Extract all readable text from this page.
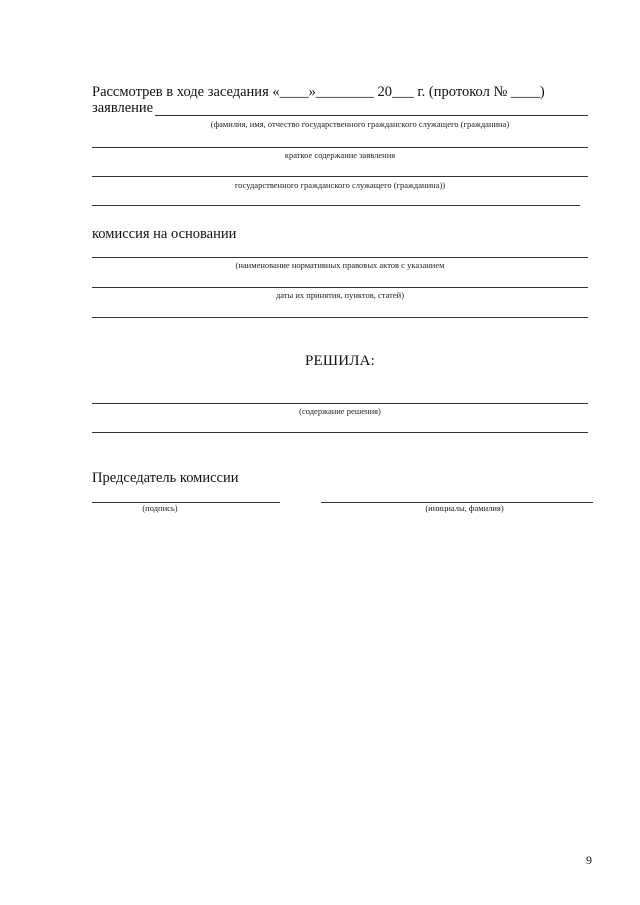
Рассмотрев в ходе заседания «____»________ 20___ г. (протокол № ____)
заявление
(фамилия, имя, отчество государственного гражданского служащего (гражданина)
краткое содержание заявления
государственного гражданского служащего (гражданина))
комиссия на основании
(наименование нормативных правовых актов с указанием
даты их принятия, пунктов, статей)
РЕШИЛА:
(содержание решения)
Председатель комиссии
(подпись)	(инициалы, фамилия)
9
